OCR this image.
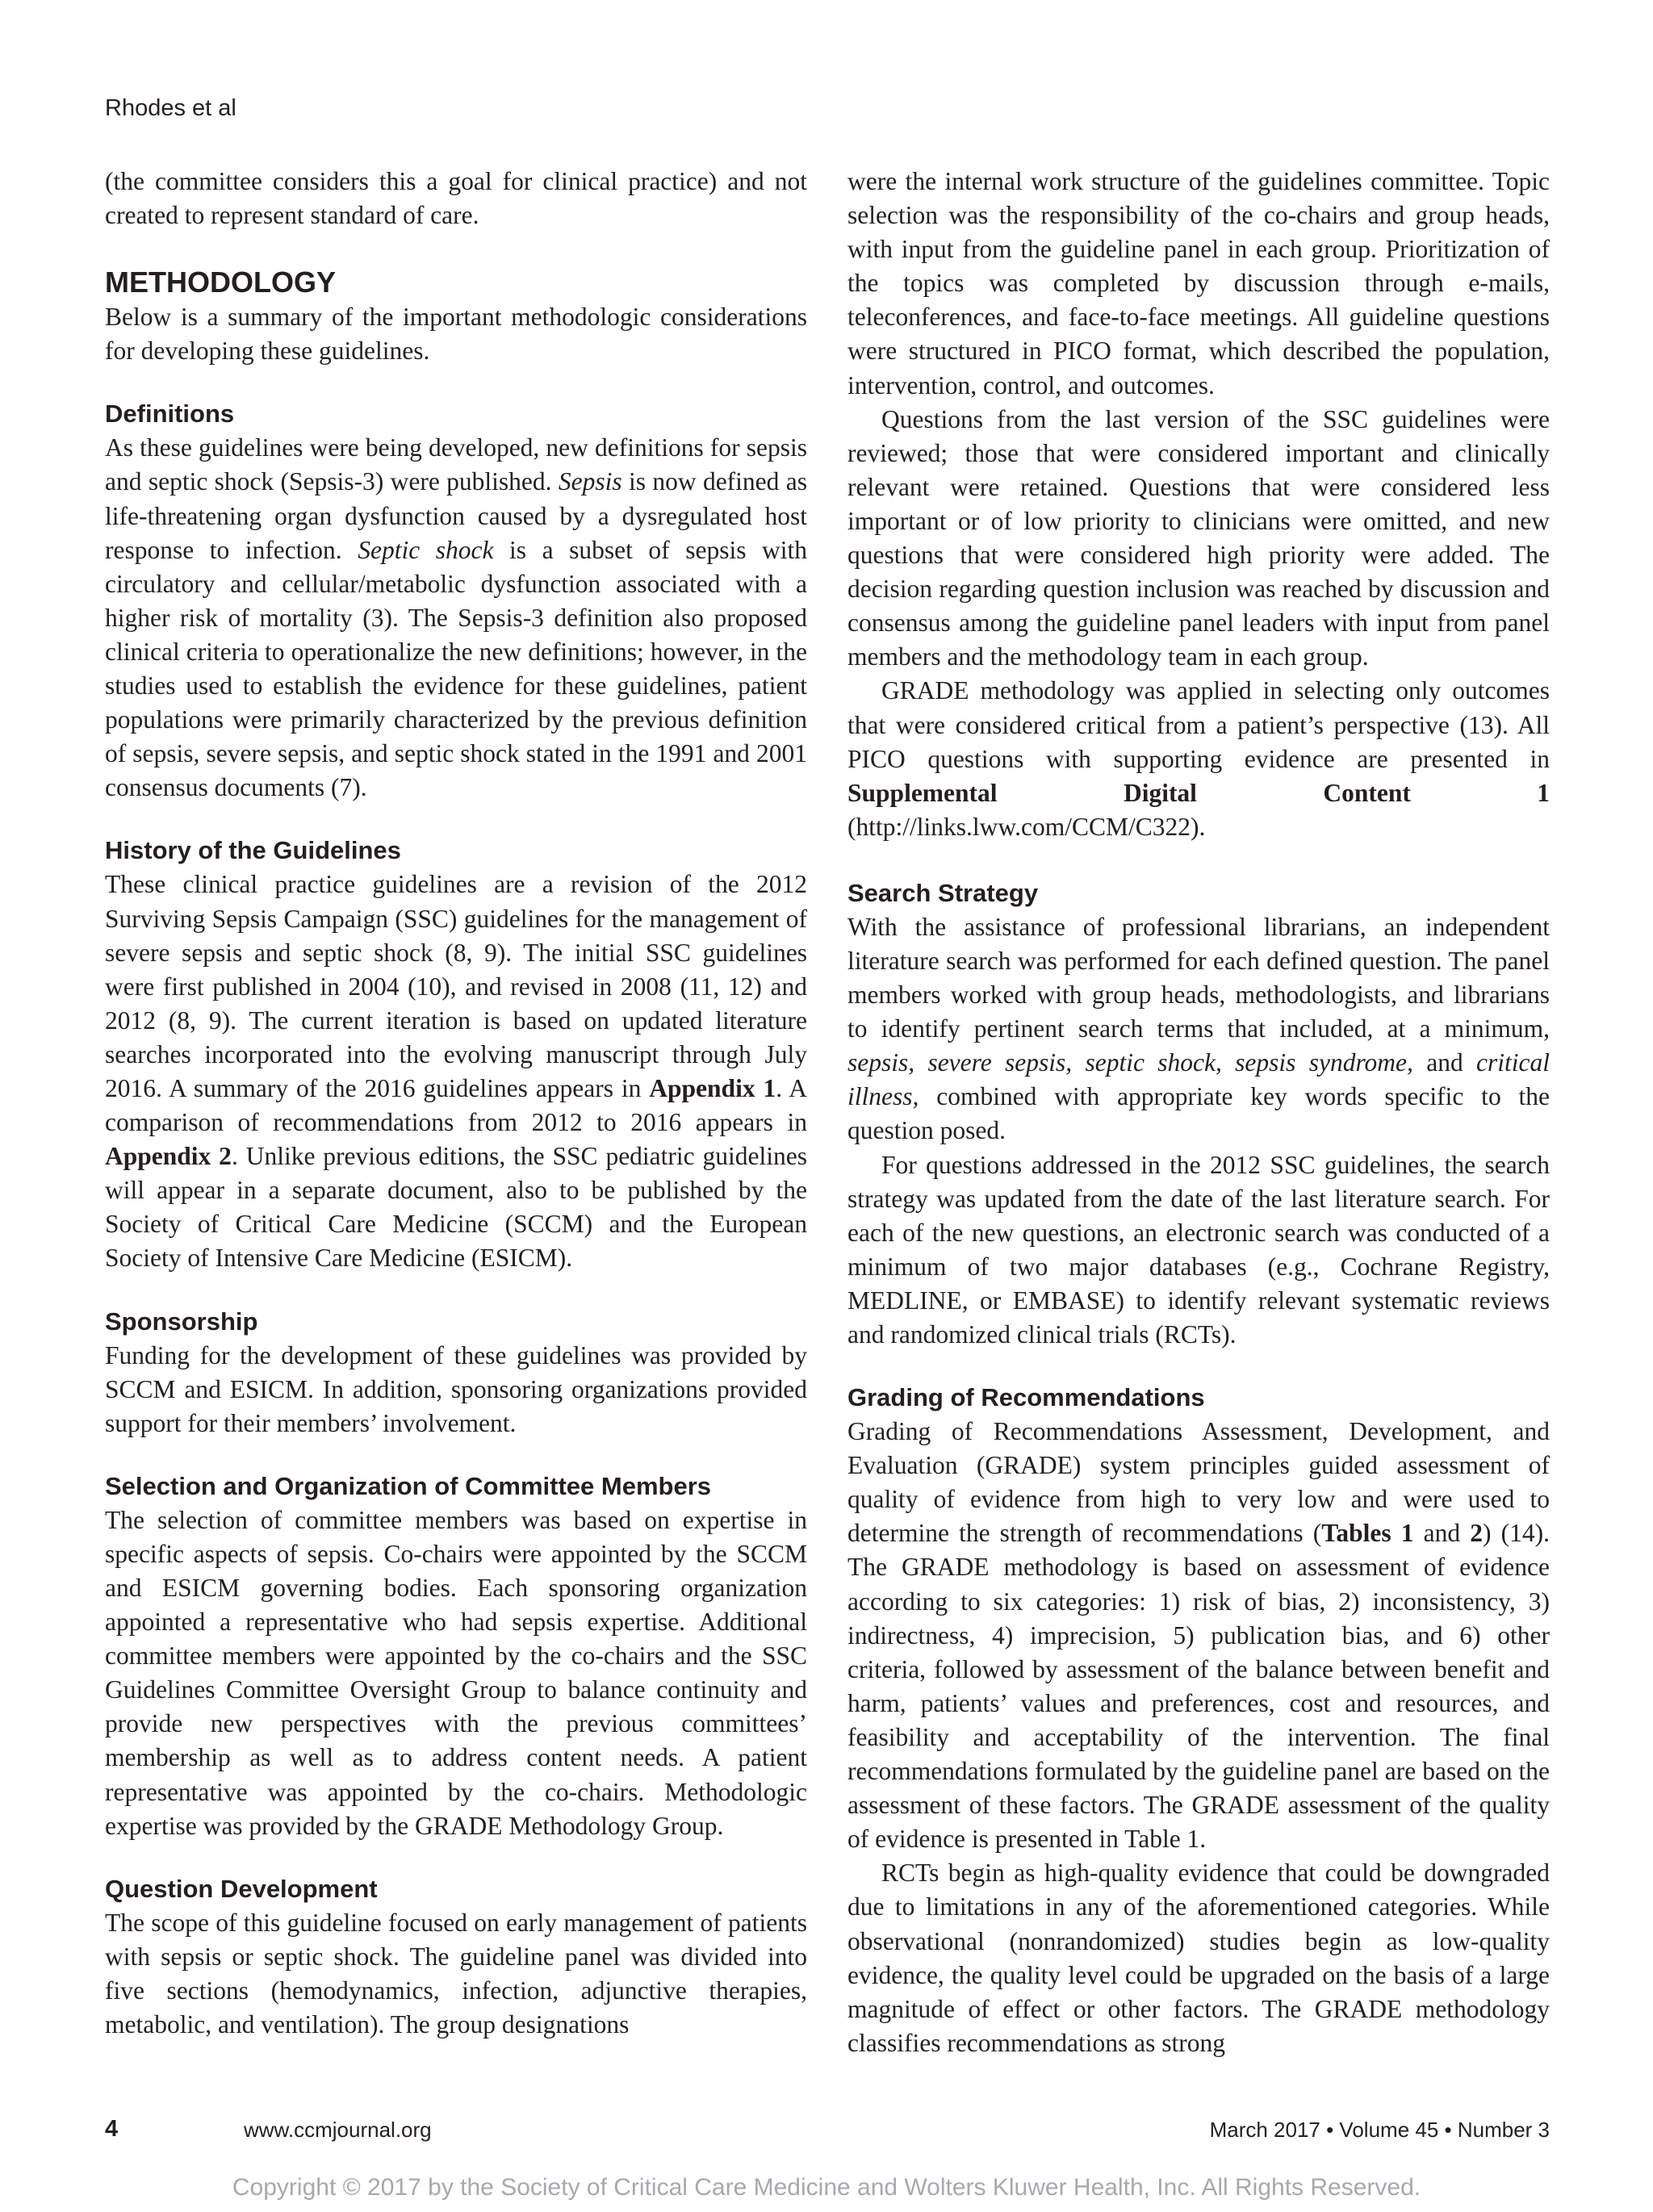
Rhodes et al

(the committee considers this a goal for clinical practice) and not created to represent standard of care.

METHODOLOGY

Below is a summary of the important methodologic considerations for developing these guidelines.

Definitions

As these guidelines were being developed, new definitions for sepsis and septic shock (Sepsis-3) were published. Sepsis is now defined as life-threatening organ dysfunction caused by a dysregulated host response to infection. Septic shock is a subset of sepsis with circulatory and cellular/metabolic dysfunction associated with a higher risk of mortality (3). The Sepsis-3 definition also proposed clinical criteria to operationalize the new definitions; however, in the studies used to establish the evidence for these guidelines, patient populations were primarily characterized by the previous definition of sepsis, severe sepsis, and septic shock stated in the 1991 and 2001 consensus documents (7).

History of the Guidelines

These clinical practice guidelines are a revision of the 2012 Surviving Sepsis Campaign (SSC) guidelines for the management of severe sepsis and septic shock (8, 9). The initial SSC guidelines were first published in 2004 (10), and revised in 2008 (11, 12) and 2012 (8, 9). The current iteration is based on updated literature searches incorporated into the evolving manuscript through July 2016. A summary of the 2016 guidelines appears in Appendix 1. A comparison of recommendations from 2012 to 2016 appears in Appendix 2. Unlike previous editions, the SSC pediatric guidelines will appear in a separate document, also to be published by the Society of Critical Care Medicine (SCCM) and the European Society of Intensive Care Medicine (ESICM).

Sponsorship

Funding for the development of these guidelines was provided by SCCM and ESICM. In addition, sponsoring organizations provided support for their members’ involvement.

Selection and Organization of Committee Members

The selection of committee members was based on expertise in specific aspects of sepsis. Co-chairs were appointed by the SCCM and ESICM governing bodies. Each sponsoring organization appointed a representative who had sepsis expertise. Additional committee members were appointed by the co-chairs and the SSC Guidelines Committee Oversight Group to balance continuity and provide new perspectives with the previous committees’ membership as well as to address content needs. A patient representative was appointed by the co-chairs. Methodologic expertise was provided by the GRADE Methodology Group.

Question Development

The scope of this guideline focused on early management of patients with sepsis or septic shock. The guideline panel was divided into five sections (hemodynamics, infection, adjunctive therapies, metabolic, and ventilation). The group designations

were the internal work structure of the guidelines committee. Topic selection was the responsibility of the co-chairs and group heads, with input from the guideline panel in each group. Prioritization of the topics was completed by discussion through e-mails, teleconferences, and face-to-face meetings. All guideline questions were structured in PICO format, which described the population, intervention, control, and outcomes.

Questions from the last version of the SSC guidelines were reviewed; those that were considered important and clinically relevant were retained. Questions that were considered less important or of low priority to clinicians were omitted, and new questions that were considered high priority were added. The decision regarding question inclusion was reached by discussion and consensus among the guideline panel leaders with input from panel members and the methodology team in each group.

GRADE methodology was applied in selecting only outcomes that were considered critical from a patient’s perspective (13). All PICO questions with supporting evidence are presented in Supplemental Digital Content 1 (http://links.lww.com/CCM/C322).

Search Strategy

With the assistance of professional librarians, an independent literature search was performed for each defined question. The panel members worked with group heads, methodologists, and librarians to identify pertinent search terms that included, at a minimum, sepsis, severe sepsis, septic shock, sepsis syndrome, and critical illness, combined with appropriate key words specific to the question posed.

For questions addressed in the 2012 SSC guidelines, the search strategy was updated from the date of the last literature search. For each of the new questions, an electronic search was conducted of a minimum of two major databases (e.g., Cochrane Registry, MEDLINE, or EMBASE) to identify relevant systematic reviews and randomized clinical trials (RCTs).

Grading of Recommendations

Grading of Recommendations Assessment, Development, and Evaluation (GRADE) system principles guided assessment of quality of evidence from high to very low and were used to determine the strength of recommendations (Tables 1 and 2) (14). The GRADE methodology is based on assessment of evidence according to six categories: 1) risk of bias, 2) inconsistency, 3) indirectness, 4) imprecision, 5) publication bias, and 6) other criteria, followed by assessment of the balance between benefit and harm, patients’ values and preferences, cost and resources, and feasibility and acceptability of the intervention. The final recommendations formulated by the guideline panel are based on the assessment of these factors. The GRADE assessment of the quality of evidence is presented in Table 1.

RCTs begin as high-quality evidence that could be downgraded due to limitations in any of the aforementioned categories. While observational (nonrandomized) studies begin as low-quality evidence, the quality level could be upgraded on the basis of a large magnitude of effect or other factors. The GRADE methodology classifies recommendations as strong

4	www.ccmjournal.org	March 2017 • Volume 45 • Number 3
Copyright © 2017 by the Society of Critical Care Medicine and Wolters Kluwer Health, Inc. All Rights Reserved.
